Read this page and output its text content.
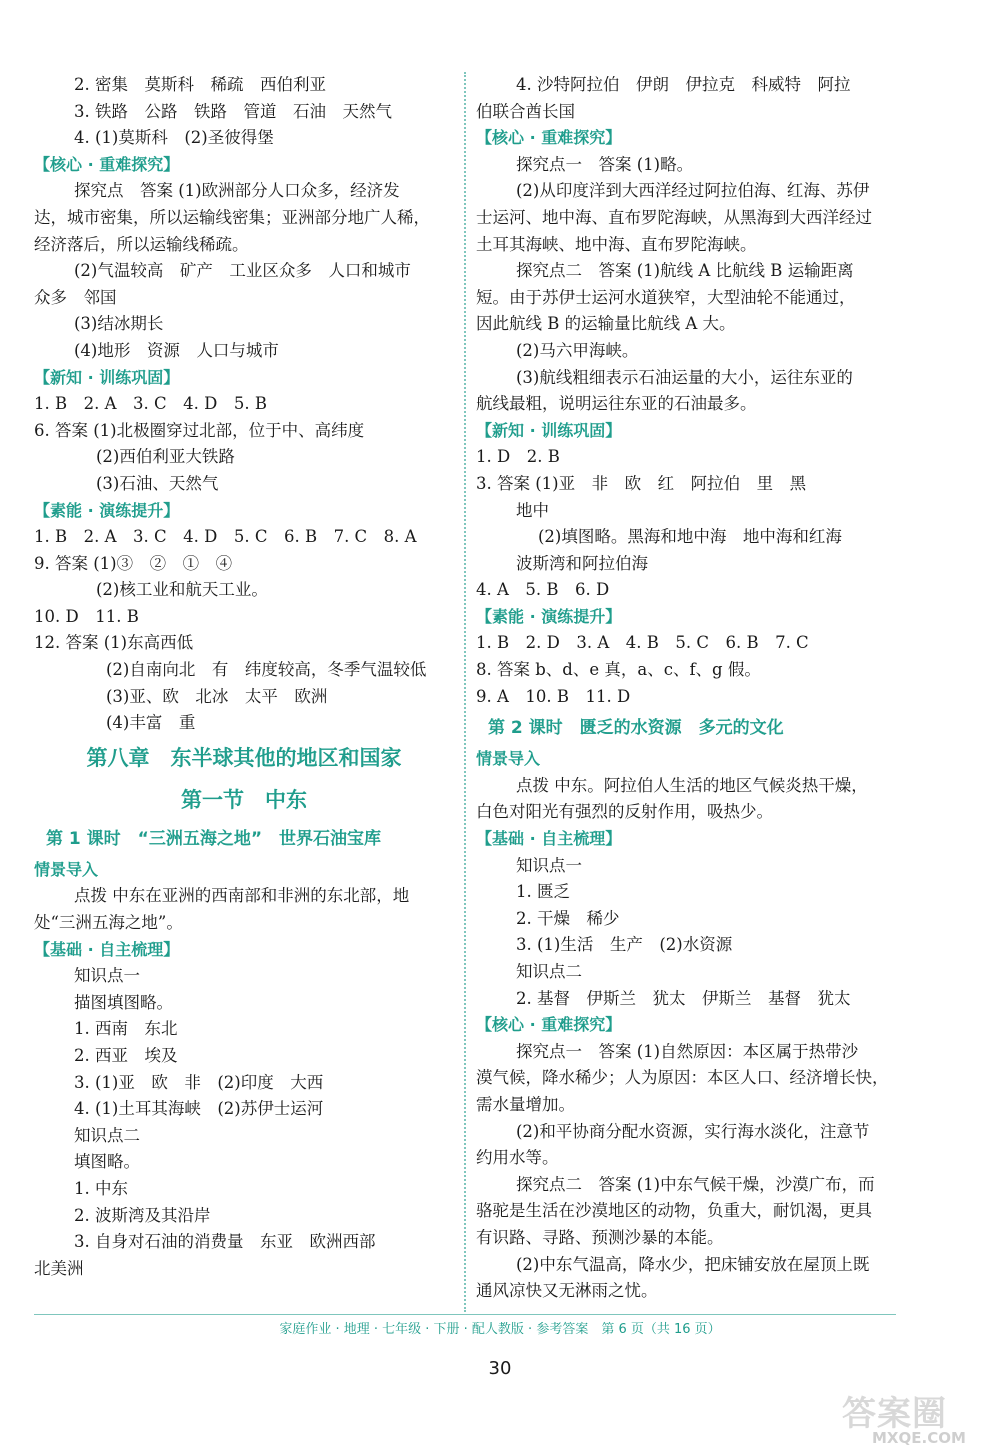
2. 密集　莫斯科　稀疏　西伯利亚
3. 铁路　公路　铁路　管道　石油　天然气
4. (1)莫斯科　(2)圣彼得堡
【核心 · 重难探究】
探究点　答案 (1)欧洲部分人口众多，经济发
达，城市密集，所以运输线密集；亚洲部分地广人稀，
经济落后，所以运输线稀疏。
(2)气温较高　矿产　工业区众多　人口和城市
众多　邻国
(3)结冰期长
(4)地形　资源　人口与城市
【新知 · 训练巩固】
1. B　2. A　3. C　4. D　5. B
6. 答案 (1)北极圈穿过北部，位于中、高纬度
(2)西伯利亚大铁路
(3)石油、天然气
【素能 · 演练提升】
1. B　2. A　3. C　4. D　5. C　6. B　7. C　8. A
9. 答案 (1)③　②　①　④
(2)核工业和航天工业。
10. D　11. B
12. 答案 (1)东高西低
(2)自南向北　有　纬度较高，冬季气温较低
(3)亚、欧　北冰　太平　欧洲
(4)丰富　重
第八章　东半球其他的地区和国家
第一节　中东
第 1 课时　“三洲五海之地”　世界石油宝库
情景导入
点拨 中东在亚洲的西南部和非洲的东北部，地
处“三洲五海之地”。
【基础 · 自主梳理】
知识点一
描图填图略。
1. 西南　东北
2. 西亚　埃及
3. (1)亚　欧　非　(2)印度　大西
4. (1)土耳其海峡　(2)苏伊士运河
知识点二
填图略。
1. 中东
2. 波斯湾及其沿岸
3. 自身对石油的消费量　东亚　欧洲西部
北美洲
4. 沙特阿拉伯　伊朗　伊拉克　科威特　阿拉
伯联合酋长国
【核心 · 重难探究】
探究点一　答案 (1)略。
(2)从印度洋到大西洋经过阿拉伯海、红海、苏伊
士运河、地中海、直布罗陀海峡，从黑海到大西洋经过
土耳其海峡、地中海、直布罗陀海峡。
探究点二　答案 (1)航线 A 比航线 B 运输距离
短。由于苏伊士运河水道狭窄，大型油轮不能通过，
因此航线 B 的运输量比航线 A 大。
(2)马六甲海峡。
(3)航线粗细表示石油运量的大小，运往东亚的
航线最粗，说明运往东亚的石油最多。
【新知 · 训练巩固】
1. D　2. B
3. 答案 (1)亚　非　欧　红　阿拉伯　里　黑
地中
(2)填图略。黑海和地中海　地中海和红海
波斯湾和阿拉伯海
4. A　5. B　6. D
【素能 · 演练提升】
1. B　2. D　3. A　4. B　5. C　6. B　7. C
8. 答案 b、d、e 真，a、c、f、g 假。
9. A　10. B　11. D
第 2 课时　匮乏的水资源　多元的文化
情景导入
点拨 中东。阿拉伯人生活的地区气候炎热干燥，
白色对阳光有强烈的反射作用，吸热少。
【基础 · 自主梳理】
知识点一
1. 匮乏
2. 干燥　稀少
3. (1)生活　生产　(2)水资源
知识点二
2. 基督　伊斯兰　犹太　伊斯兰　基督　犹太
【核心 · 重难探究】
探究点一　答案 (1)自然原因：本区属于热带沙
漠气候，降水稀少；人为原因：本区人口、经济增长快，
需水量增加。
(2)和平协商分配水资源，实行海水淡化，注意节
约用水等。
探究点二　答案 (1)中东气候干燥，沙漠广布，而
骆驼是生活在沙漠地区的动物，负重大，耐饥渴，更具
有识路、寻路、预测沙暴的本能。
(2)中东气温高，降水少，把床铺安放在屋顶上既
通风凉快又无淋雨之忧。
家庭作业 · 地理 · 七年级 · 下册 · 配人教版 · 参考答案　第 6 页（共 16 页）
30
答案圈
MXQE.COM
